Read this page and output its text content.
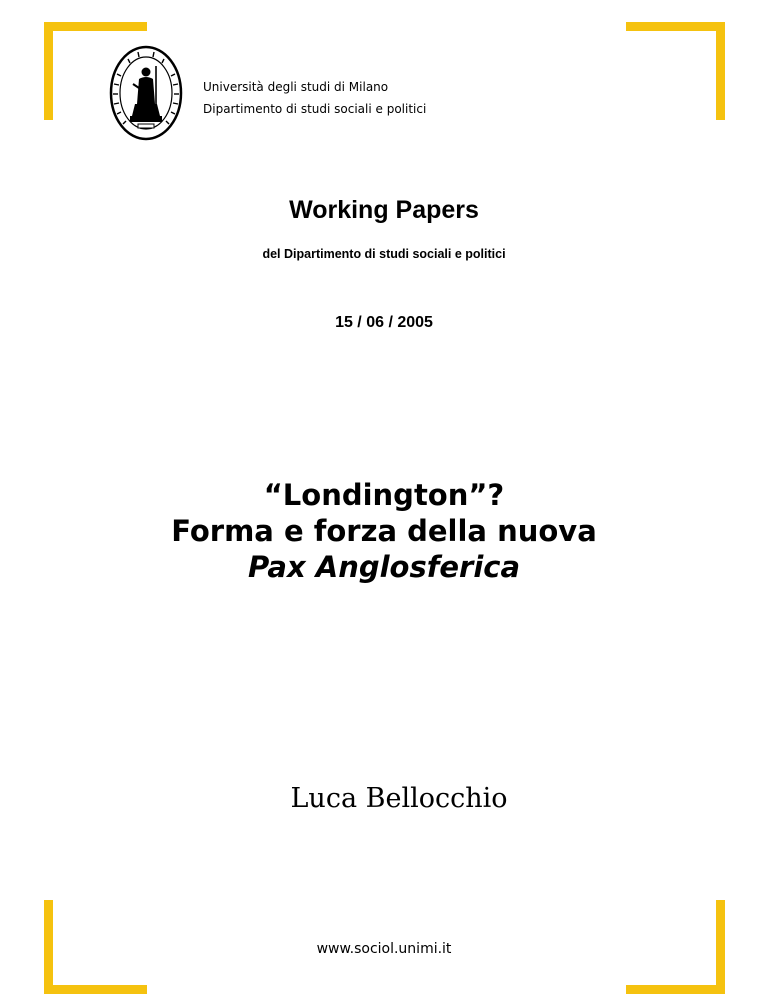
Università degli studi di Milano
Dipartimento di studi sociali e politici
Working Papers
del Dipartimento di studi sociali e politici
15 / 06 / 2005
“Londington”?
Forma e forza della nuova
Pax Anglosferica
Luca Bellocchio
www.sociol.unimi.it
